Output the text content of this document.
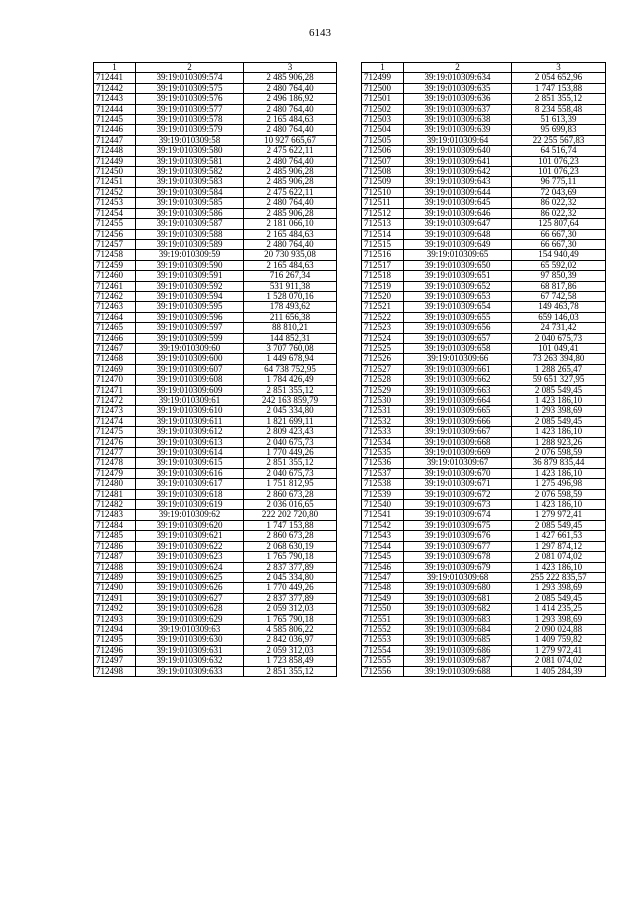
6143
1	2	3
712441	39:19:010309:574	2 485 906,28
712442	39:19:010309:575	2 480 764,40
712443	39:19:010309:576	2 496 186,92
712444	39:19:010309:577	2 480 764,40
712445	39:19:010309:578	2 165 484,63
712446	39:19:010309:579	2 480 764,40
712447	39:19:010309:58	10 927 665,67
712448	39:19:010309:580	2 475 622,11
712449	39:19:010309:581	2 480 764,40
712450	39:19:010309:582	2 485 906,28
712451	39:19:010309:583	2 485 906,28
712452	39:19:010309:584	2 475 622,11
712453	39:19:010309:585	2 480 764,40
712454	39:19:010309:586	2 485 906,28
712455	39:19:010309:587	2 181 066,10
712456	39:19:010309:588	2 165 484,63
712457	39:19:010309:589	2 480 764,40
712458	39:19:010309:59	20 730 935,08
712459	39:19:010309:590	2 165 484,63
712460	39:19:010309:591	716 267,34
712461	39:19:010309:592	531 911,38
712462	39:19:010309:594	1 528 070,16
712463	39:19:010309:595	178 493,62
712464	39:19:010309:596	211 656,38
712465	39:19:010309:597	88 810,21
712466	39:19:010309:599	144 852,31
712467	39:19:010309:60	3 707 760,08
712468	39:19:010309:600	1 449 678,94
712469	39:19:010309:607	64 738 752,95
712470	39:19:010309:608	1 784 426,49
712471	39:19:010309:609	2 851 355,12
712472	39:19:010309:61	242 163 859,79
712473	39:19:010309:610	2 045 334,80
712474	39:19:010309:611	1 821 699,11
712475	39:19:010309:612	2 809 423,43
712476	39:19:010309:613	2 040 675,73
712477	39:19:010309:614	1 770 449,26
712478	39:19:010309:615	2 851 355,12
712479	39:19:010309:616	2 040 675,73
712480	39:19:010309:617	1 751 812,95
712481	39:19:010309:618	2 860 673,28
712482	39:19:010309:619	2 036 016,65
712483	39:19:010309:62	222 202 720,80
712484	39:19:010309:620	1 747 153,88
712485	39:19:010309:621	2 860 673,28
712486	39:19:010309:622	2 068 630,19
712487	39:19:010309:623	1 765 790,18
712488	39:19:010309:624	2 837 377,89
712489	39:19:010309:625	2 045 334,80
712490	39:19:010309:626	1 770 449,26
712491	39:19:010309:627	2 837 377,89
712492	39:19:010309:628	2 059 312,03
712493	39:19:010309:629	1 765 790,18
712494	39:19:010309:63	4 585 806,22
712495	39:19:010309:630	2 842 036,97
712496	39:19:010309:631	2 059 312,03
712497	39:19:010309:632	1 723 858,49
712498	39:19:010309:633	2 851 355,12
1	2	3
712499	39:19:010309:634	2 054 652,96
712500	39:19:010309:635	1 747 153,88
712501	39:19:010309:636	2 851 355,12
712502	39:19:010309:637	8 234 558,48
712503	39:19:010309:638	51 613,39
712504	39:19:010309:639	95 699,83
712505	39:19:010309:64	22 255 567,83
712506	39:19:010309:640	64 516,74
712507	39:19:010309:641	101 076,23
712508	39:19:010309:642	101 076,23
712509	39:19:010309:643	96 775,11
712510	39:19:010309:644	72 043,69
712511	39:19:010309:645	86 022,32
712512	39:19:010309:646	86 022,32
712513	39:19:010309:647	125 807,64
712514	39:19:010309:648	66 667,30
712515	39:19:010309:649	66 667,30
712516	39:19:010309:65	154 940,49
712517	39:19:010309:650	65 592,02
712518	39:19:010309:651	97 850,39
712519	39:19:010309:652	68 817,86
712520	39:19:010309:653	67 742,58
712521	39:19:010309:654	149 463,78
712522	39:19:010309:655	659 146,03
712523	39:19:010309:656	24 731,42
712524	39:19:010309:657	2 040 675,73
712525	39:19:010309:658	101 049,41
712526	39:19:010309:66	73 263 394,80
712527	39:19:010309:661	1 288 265,47
712528	39:19:010309:662	59 651 327,95
712529	39:19:010309:663	2 085 549,45
712530	39:19:010309:664	1 423 186,10
712531	39:19:010309:665	1 293 398,69
712532	39:19:010309:666	2 085 549,45
712533	39:19:010309:667	1 423 186,10
712534	39:19:010309:668	1 288 923,26
712535	39:19:010309:669	2 076 598,59
712536	39:19:010309:67	36 879 835,44
712537	39:19:010309:670	1 423 186,10
712538	39:19:010309:671	1 275 496,98
712539	39:19:010309:672	2 076 598,59
712540	39:19:010309:673	1 423 186,10
712541	39:19:010309:674	1 279 972,41
712542	39:19:010309:675	2 085 549,45
712543	39:19:010309:676	1 427 661,53
712544	39:19:010309:677	1 297 874,12
712545	39:19:010309:678	2 081 074,02
712546	39:19:010309:679	1 423 186,10
712547	39:19:010309:68	255 222 835,57
712548	39:19:010309:680	1 293 398,69
712549	39:19:010309:681	2 085 549,45
712550	39:19:010309:682	1 414 235,25
712551	39:19:010309:683	1 293 398,69
712552	39:19:010309:684	2 090 024,88
712553	39:19:010309:685	1 409 759,82
712554	39:19:010309:686	1 279 972,41
712555	39:19:010309:687	2 081 074,02
712556	39:19:010309:688	1 405 284,39
